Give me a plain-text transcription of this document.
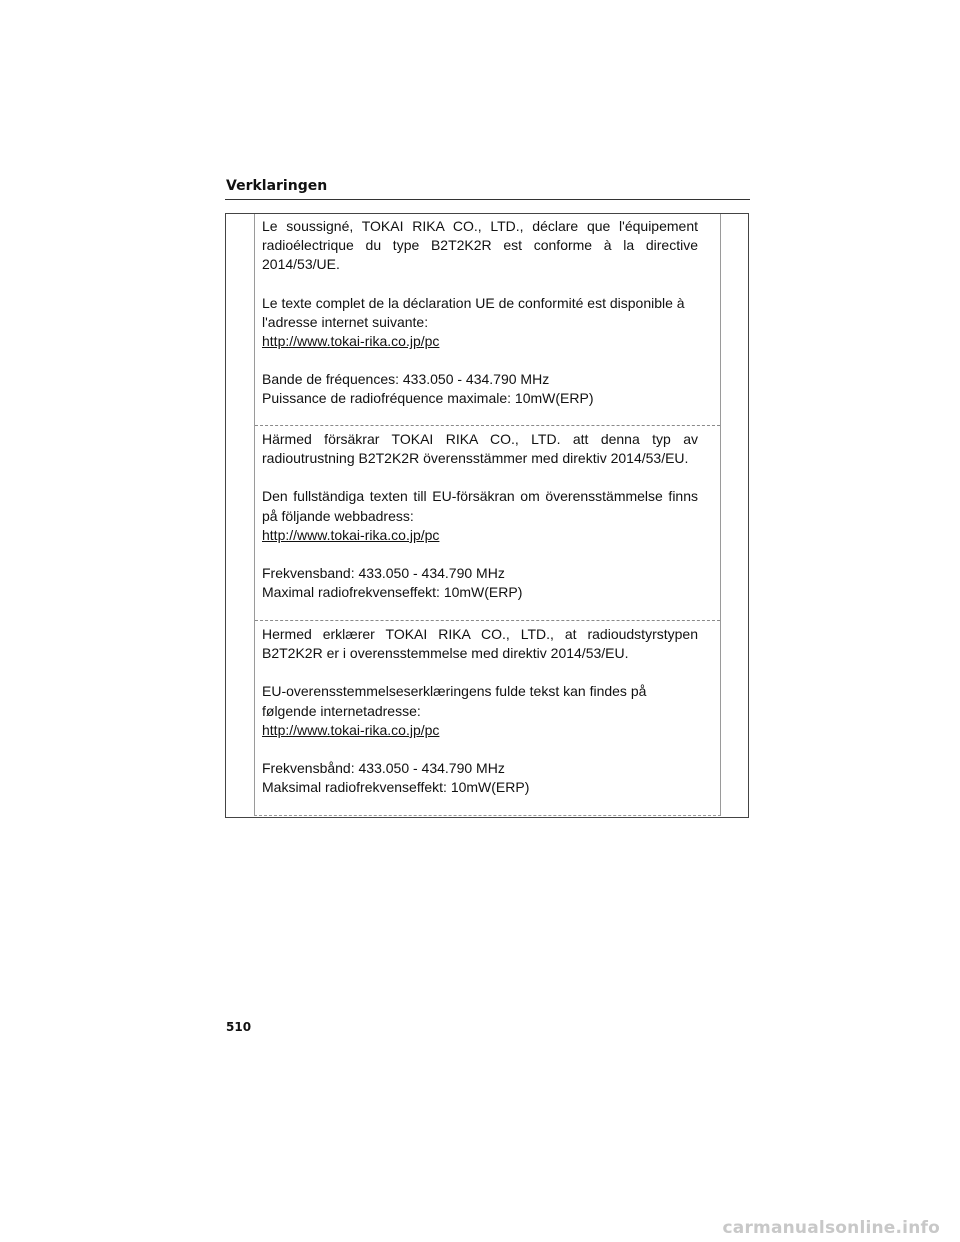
Verklaringen

Le soussigné, TOKAI RIKA CO., LTD., déclare que l'équipement

radioélectrique du type B2T2K2R est conforme à la directive

2014/53/UE.

Le texte complet de la déclaration UE de conformité est disponible à

l'adresse internet suivante:

http://www.tokai-rika.co.jp/pc

Bande de fréquences: 433.050 - 434.790 MHz

Puissance de radiofréquence maximale: 10mW(ERP)

Härmed försäkrar TOKAI RIKA CO., LTD. att denna typ av

radioutrustning B2T2K2R överensstämmer med direktiv 2014/53/EU.

Den fullständiga texten till EU-försäkran om överensstämmelse finns

på följande webbadress:

http://www.tokai-rika.co.jp/pc

Frekvensband: 433.050 - 434.790 MHz

Maximal radiofrekvenseffekt: 10mW(ERP)

Hermed erklærer TOKAI RIKA CO., LTD., at radioudstyrstypen

B2T2K2R er i overensstemmelse med direktiv 2014/53/EU.

EU-overensstemmelseserklæringens fulde tekst kan findes på

følgende internetadresse:

http://www.tokai-rika.co.jp/pc

Frekvensbånd: 433.050 - 434.790 MHz

Maksimal radiofrekvenseffekt: 10mW(ERP)

510
carmanualsonline.info
